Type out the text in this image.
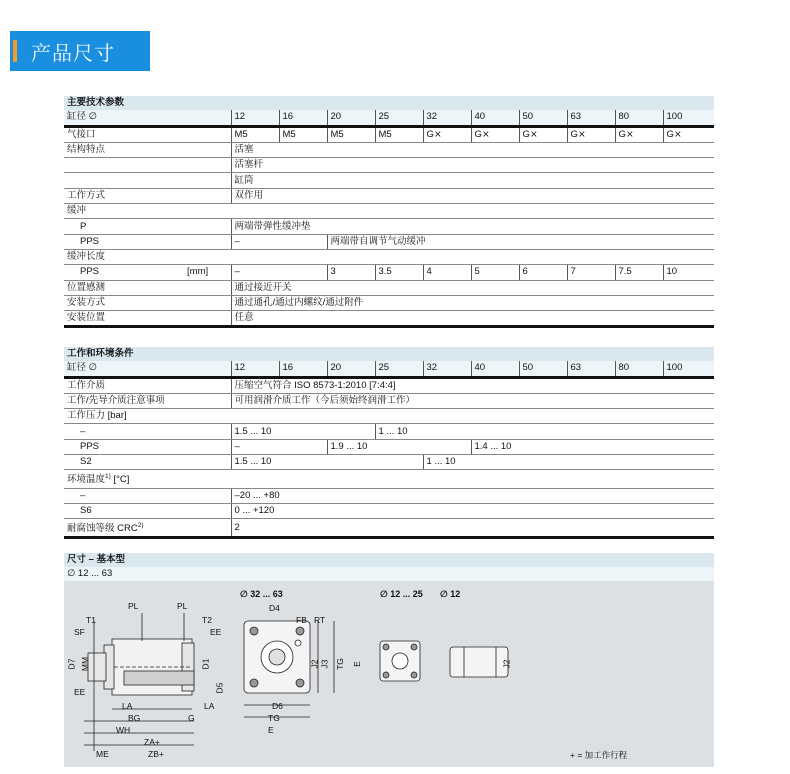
产品尺寸
主要技术参数										
缸径 ∅	12	16	20	25	32	40	50	63	80	100
气接口	M5	M5	M5	M5	G⨯	G⨯	G⨯	G⨯	G⨯	G⨯
结构特点	活塞									
	活塞杆									
	缸筒									
工作方式	双作用									
缓冲										
P	两端带弹性缓冲垫									
PPS	–		两端带自调节气动缓冲							
缓冲长度										
PPS [mm]	–		3	3.5	4	5	6	7	7.5	10
位置感测	通过接近开关									
安装方式	通过通孔/通过内螺纹/通过附件									
安装位置	任意									
工作和环境条件										
缸径 ∅	12	16	20	25	32	40	50	63	80	100
工作介质	压缩空气符合 ISO 8573-1:2010 [7:4:4]									
工作/先导介质注意事项	可用润滑介质工作（今后须始终润滑工作）									
工作压力 [bar]										
–	1.5 ... 10			1 ... 10						
PPS	–		1.9 ... 10			1.4 ... 10				
S2	1.5 ... 10				1 ... 10					
环境温度$^{1)}$ [°C]										
–	–20 ... +80									
S6	0 ... +120									
耐腐蚀等级 CRC$^{2)}$	2									
尺寸 – 基本型
∅ 12 ... 63
∅ 32 ... 63	∅ 12 ... 25 ∅ 12
PL	PL
T1	T2
SF	EE
D7 MM	D1
D5
EE
LA	LA
BG	G
WH
ZA+
ZB+
ME
D4
FB RT
J2 J3 TG E
D6
TG
E
J2
+ = 加工作行程
